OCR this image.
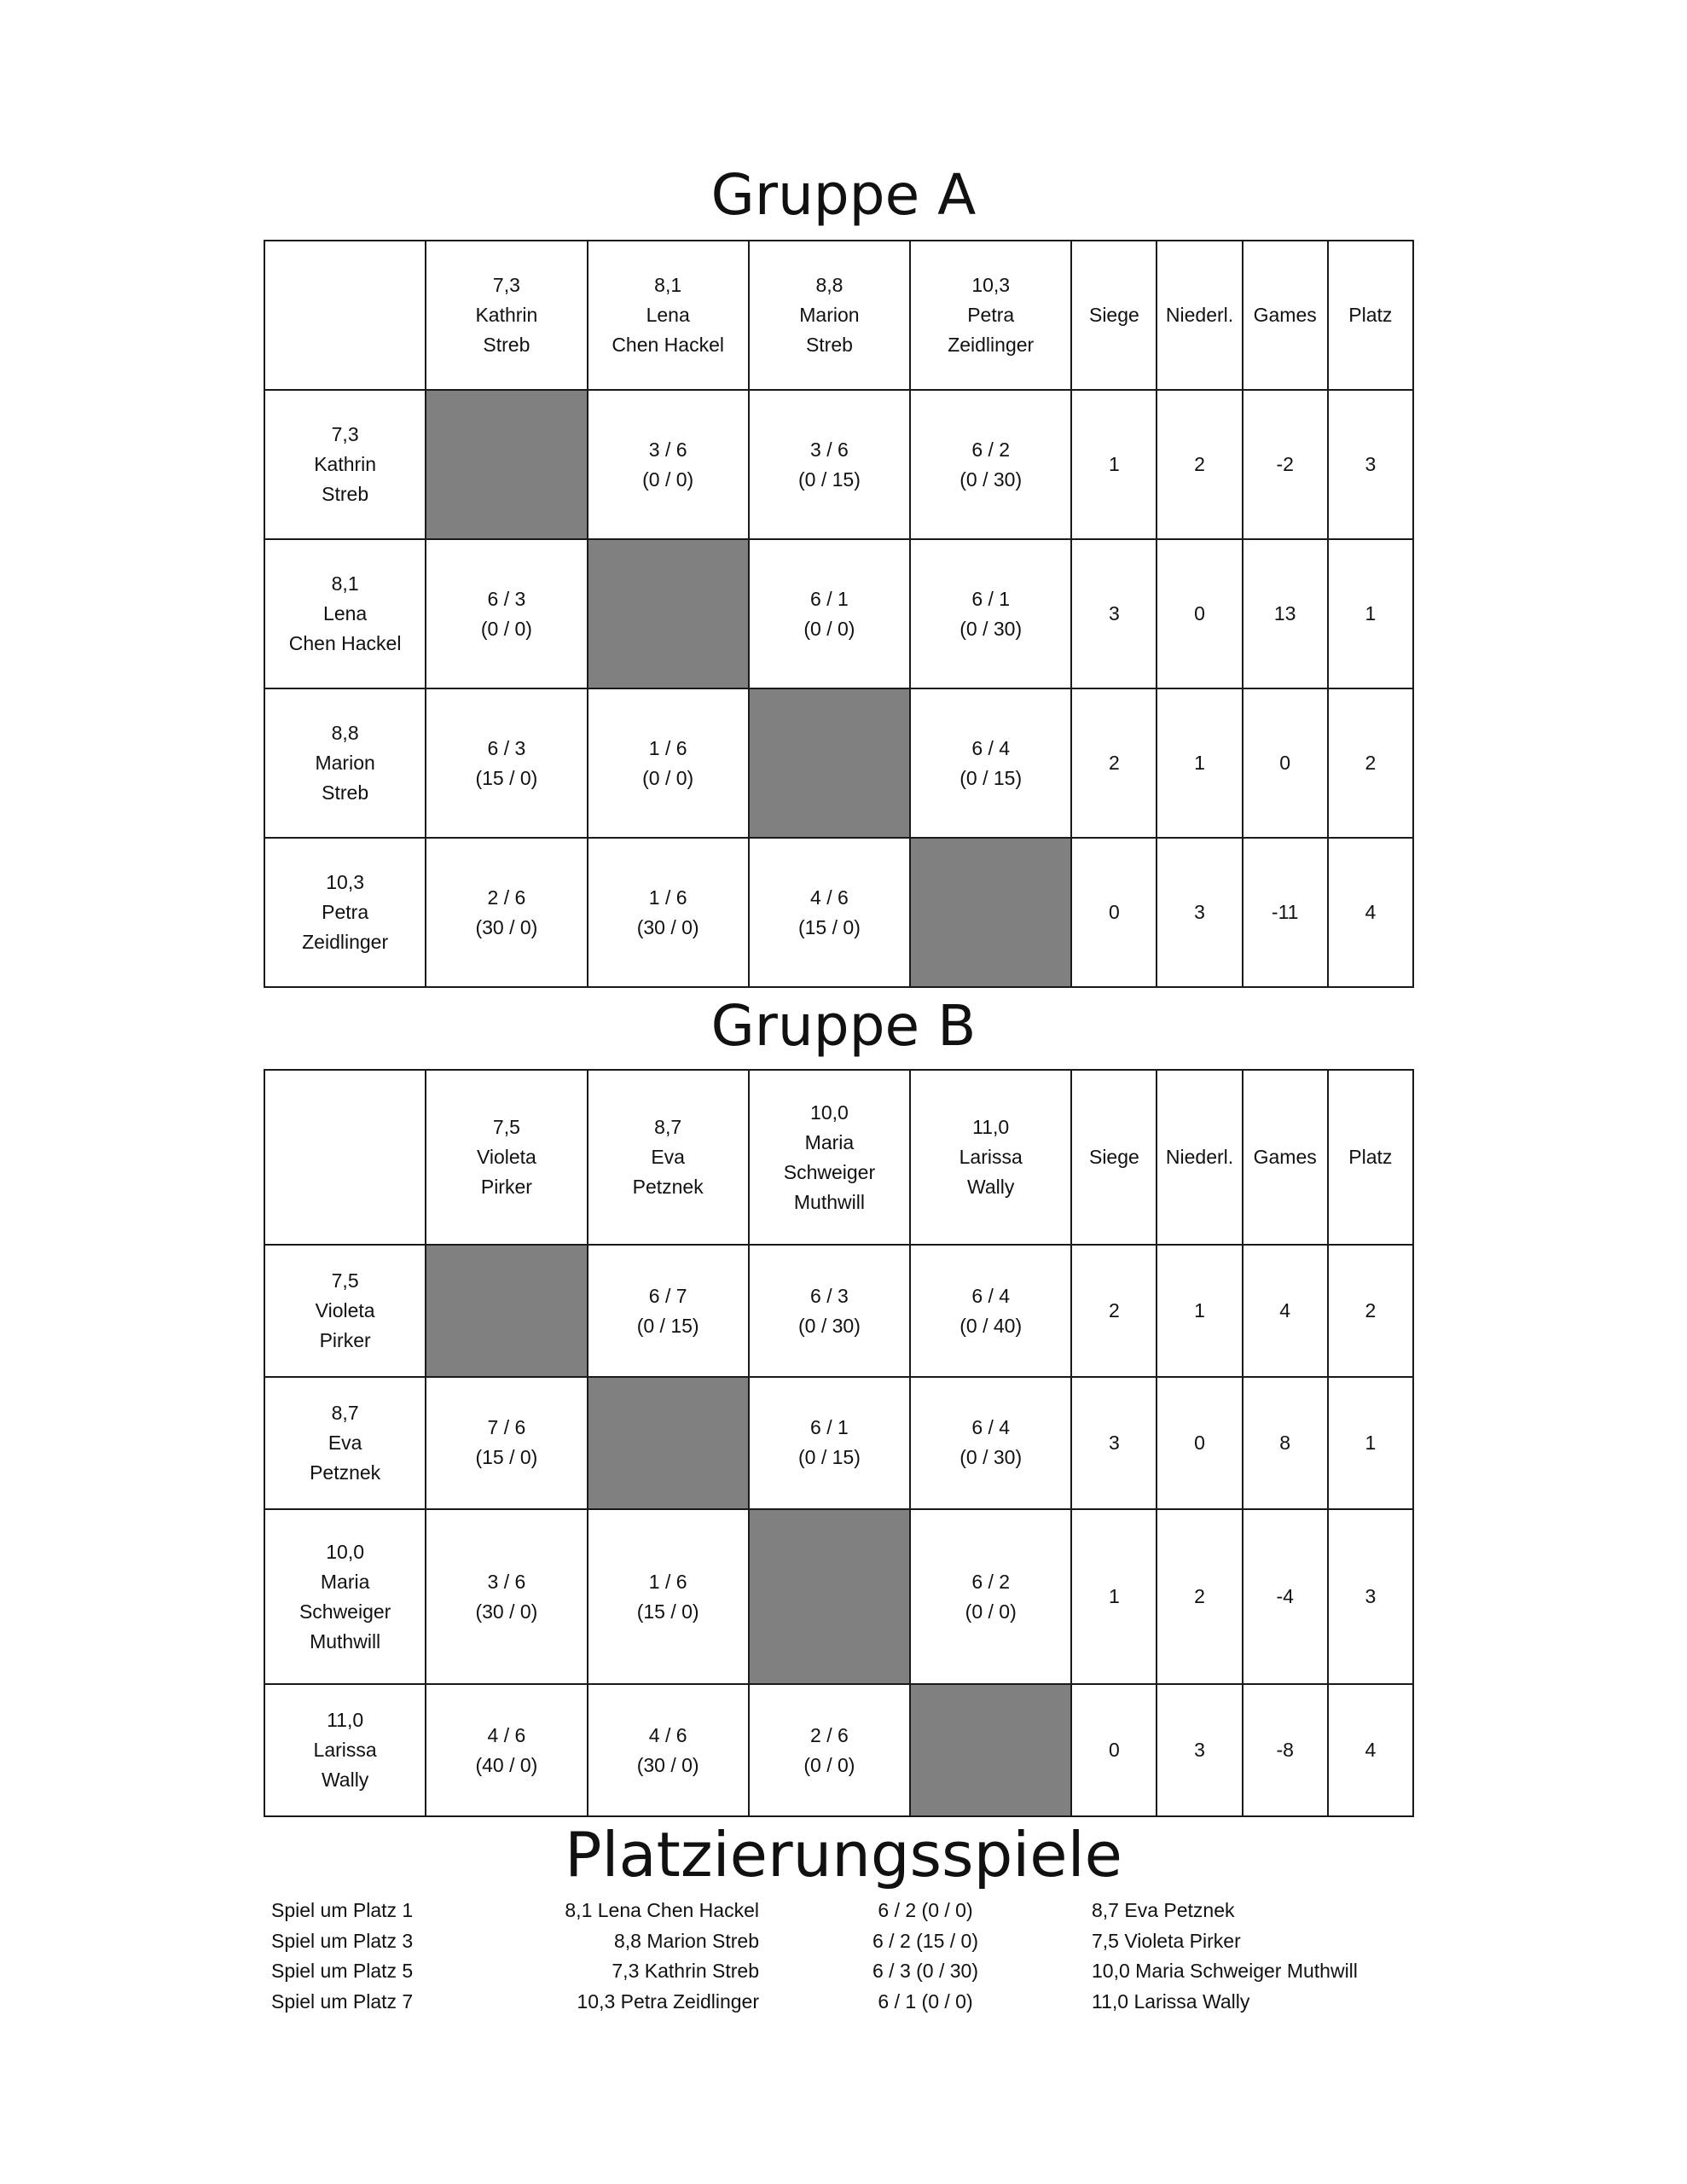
Gruppe A

	7,3
Kathrin
Streb	8,1
Lena
Chen Hackel	8,8
Marion
Streb	10,3
Petra
Zeidlinger	Siege	Niederl.	Games	Platz

7,3
Kathrin
Streb		3 / 6
(0 / 0)	3 / 6
(0 / 15)	6 / 2
(0 / 30)	1	2	-2	3

8,1
Lena
Chen Hackel	6 / 3
(0 / 0)		6 / 1
(0 / 0)	6 / 1
(0 / 30)	3	0	13	1

8,8
Marion
Streb	6 / 3
(15 / 0)	1 / 6
(0 / 0)		6 / 4
(0 / 15)	2	1	0	2

10,3
Petra
Zeidlinger	2 / 6
(30 / 0)	1 / 6
(30 / 0)	4 / 6
(15 / 0)		0	3	-11	4
Gruppe B

	7,5
Violeta
Pirker	8,7
Eva
Petznek	10,0
Maria
Schweiger
Muthwill	11,0
Larissa
Wally	Siege	Niederl.	Games	Platz

7,5
Violeta
Pirker		6 / 7
(0 / 15)	6 / 3
(0 / 30)	6 / 4
(0 / 40)	2	1	4	2

8,7
Eva
Petznek	7 / 6
(15 / 0)		6 / 1
(0 / 15)	6 / 4
(0 / 30)	3	0	8	1

10,0
Maria
Schweiger
Muthwill	3 / 6
(30 / 0)	1 / 6
(15 / 0)		6 / 2
(0 / 0)	1	2	-4	3

11,0
Larissa
Wally	4 / 6
(40 / 0)	4 / 6
(30 / 0)	2 / 6
(0 / 0)		0	3	-8	4
Platzierungsspiele
Spiel um Platz 1	8,1 Lena Chen Hackel	6 / 2 (0 / 0)	8,7 Eva Petznek
Spiel um Platz 3	8,8 Marion Streb	6 / 2 (15 / 0)	7,5 Violeta Pirker
Spiel um Platz 5	7,3 Kathrin Streb	6 / 3 (0 / 30)	10,0 Maria Schweiger Muthwill
Spiel um Platz 7	10,3 Petra Zeidlinger	6 / 1 (0 / 0)	11,0 Larissa Wally
